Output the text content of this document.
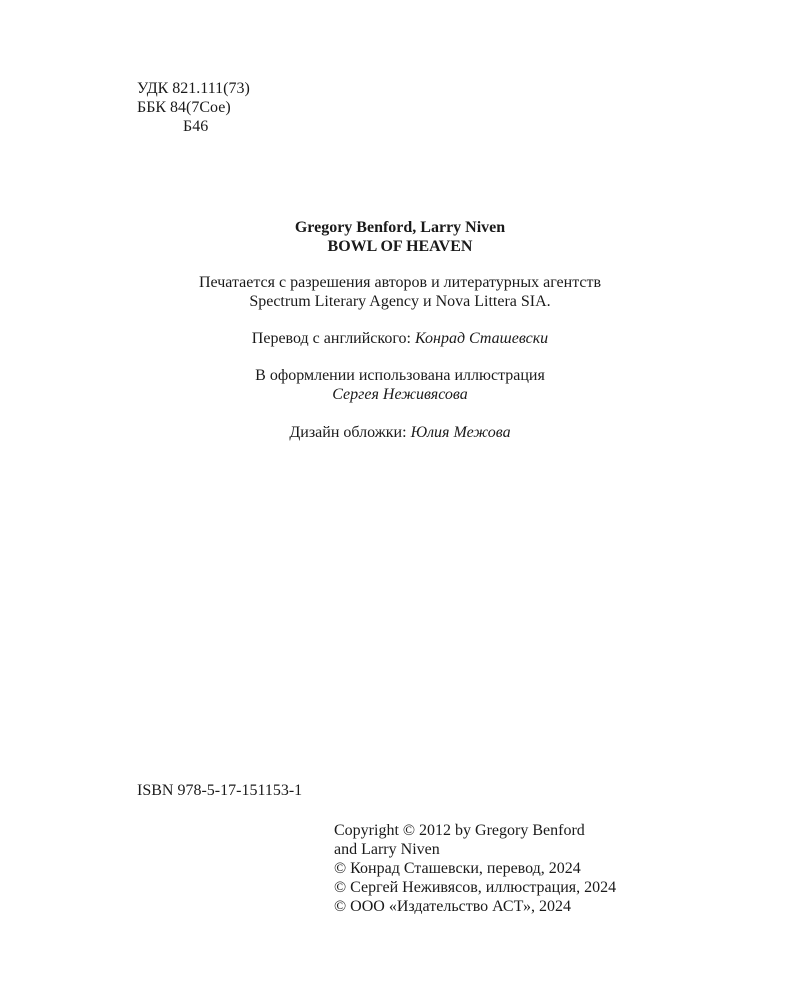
УДК 821.111(73)
ББК 84(7Сое)
Б46
Gregory Benford, Larry Niven
BOWL OF HEAVEN
Печатается с разрешения авторов и литературных агентств
Spectrum Literary Agency и Nova Littera SIA.
Перевод с английского: Конрад Сташевски
В оформлении использована иллюстрация
Сергея Неживясова
Дизайн обложки: Юлия Межова
ISBN 978-5-17-151153-1
Copyright © 2012 by Gregory Benford
and Larry Niven
© Конрад Сташевски, перевод, 2024
© Сергей Неживясов, иллюстрация, 2024
© ООО «Издательство АСТ», 2024
